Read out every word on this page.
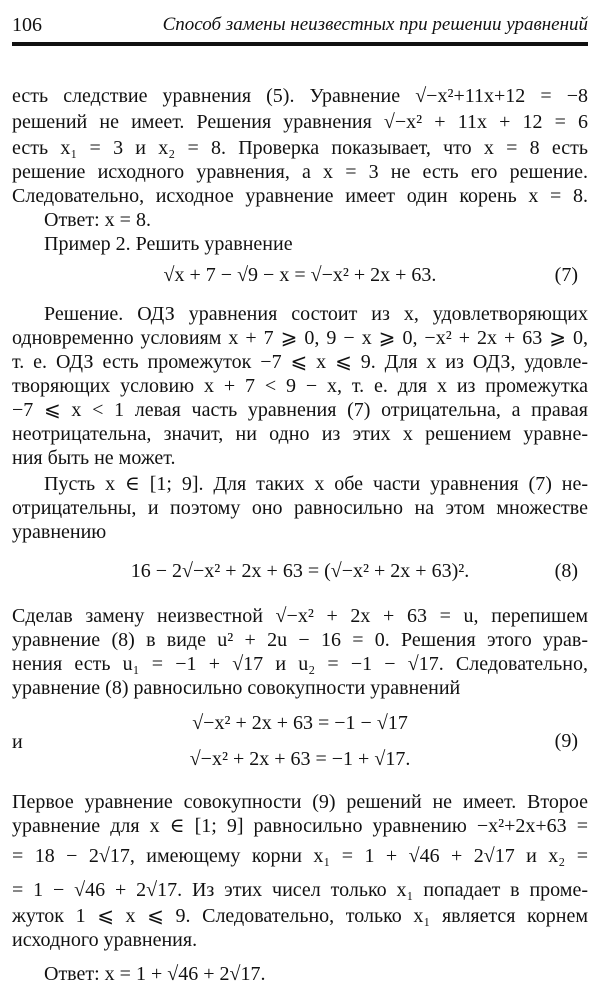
106	Способ замены неизвестных при решении уравнений
есть следствие уравнения (5). Уравнение √−x²+11x+12 = −8
решений не имеет. Решения уравнения √−x² + 11x + 12 = 6
есть x₁ = 3 и x₂ = 8. Проверка показывает, что x = 8 есть
решение исходного уравнения, а x = 3 не есть его решение.
Следовательно, исходное уравнение имеет один корень x = 8.
Ответ: x = 8.
Пример 2. Решить уравнение
√x + 7 − √9 − x = √−x² + 2x + 63.	(7)
Решение. ОДЗ уравнения состоит из x, удовлетворяющих
одновременно условиям x + 7 ⩾ 0, 9 − x ⩾ 0, −x² + 2x + 63 ⩾ 0,
т. е. ОДЗ есть промежуток −7 ⩽ x ⩽ 9. Для x из ОДЗ, удовле-
творяющих условию x + 7 < 9 − x, т. е. для x из промежутка
−7 ⩽ x < 1 левая часть уравнения (7) отрицательна, а правая
неотрицательна, значит, ни одно из этих x решением уравне-
ния быть не может.
Пусть x ∈ [1; 9]. Для таких x обе части уравнения (7) не-
отрицательны, и поэтому оно равносильно на этом множестве
уравнению
16 − 2√−x² + 2x + 63 = (√−x² + 2x + 63)².	(8)
Сделав замену неизвестной √−x² + 2x + 63 = u, перепишем
уравнение (8) в виде u² + 2u − 16 = 0. Решения этого урав-
нения есть u₁ = −1 + √17 и u₂ = −1 − √17. Следовательно,
уравнение (8) равносильно совокупности уравнений
√−x² + 2x + 63 = −1 − √17
и	(9)
√−x² + 2x + 63 = −1 + √17.
Первое уравнение совокупности (9) решений не имеет. Второе
уравнение для x ∈ [1; 9] равносильно уравнению −x²+2x+63 =
= 18 − 2√17, имеющему корни x₁ = 1 + √46 + 2√17 и x₂ =
= 1 − √46 + 2√17. Из этих чисел только x₁ попадает в проме-
жуток 1 ⩽ x ⩽ 9. Следовательно, только x₁ является корнем
исходного уравнения.
Ответ: x = 1 + √46 + 2√17.
